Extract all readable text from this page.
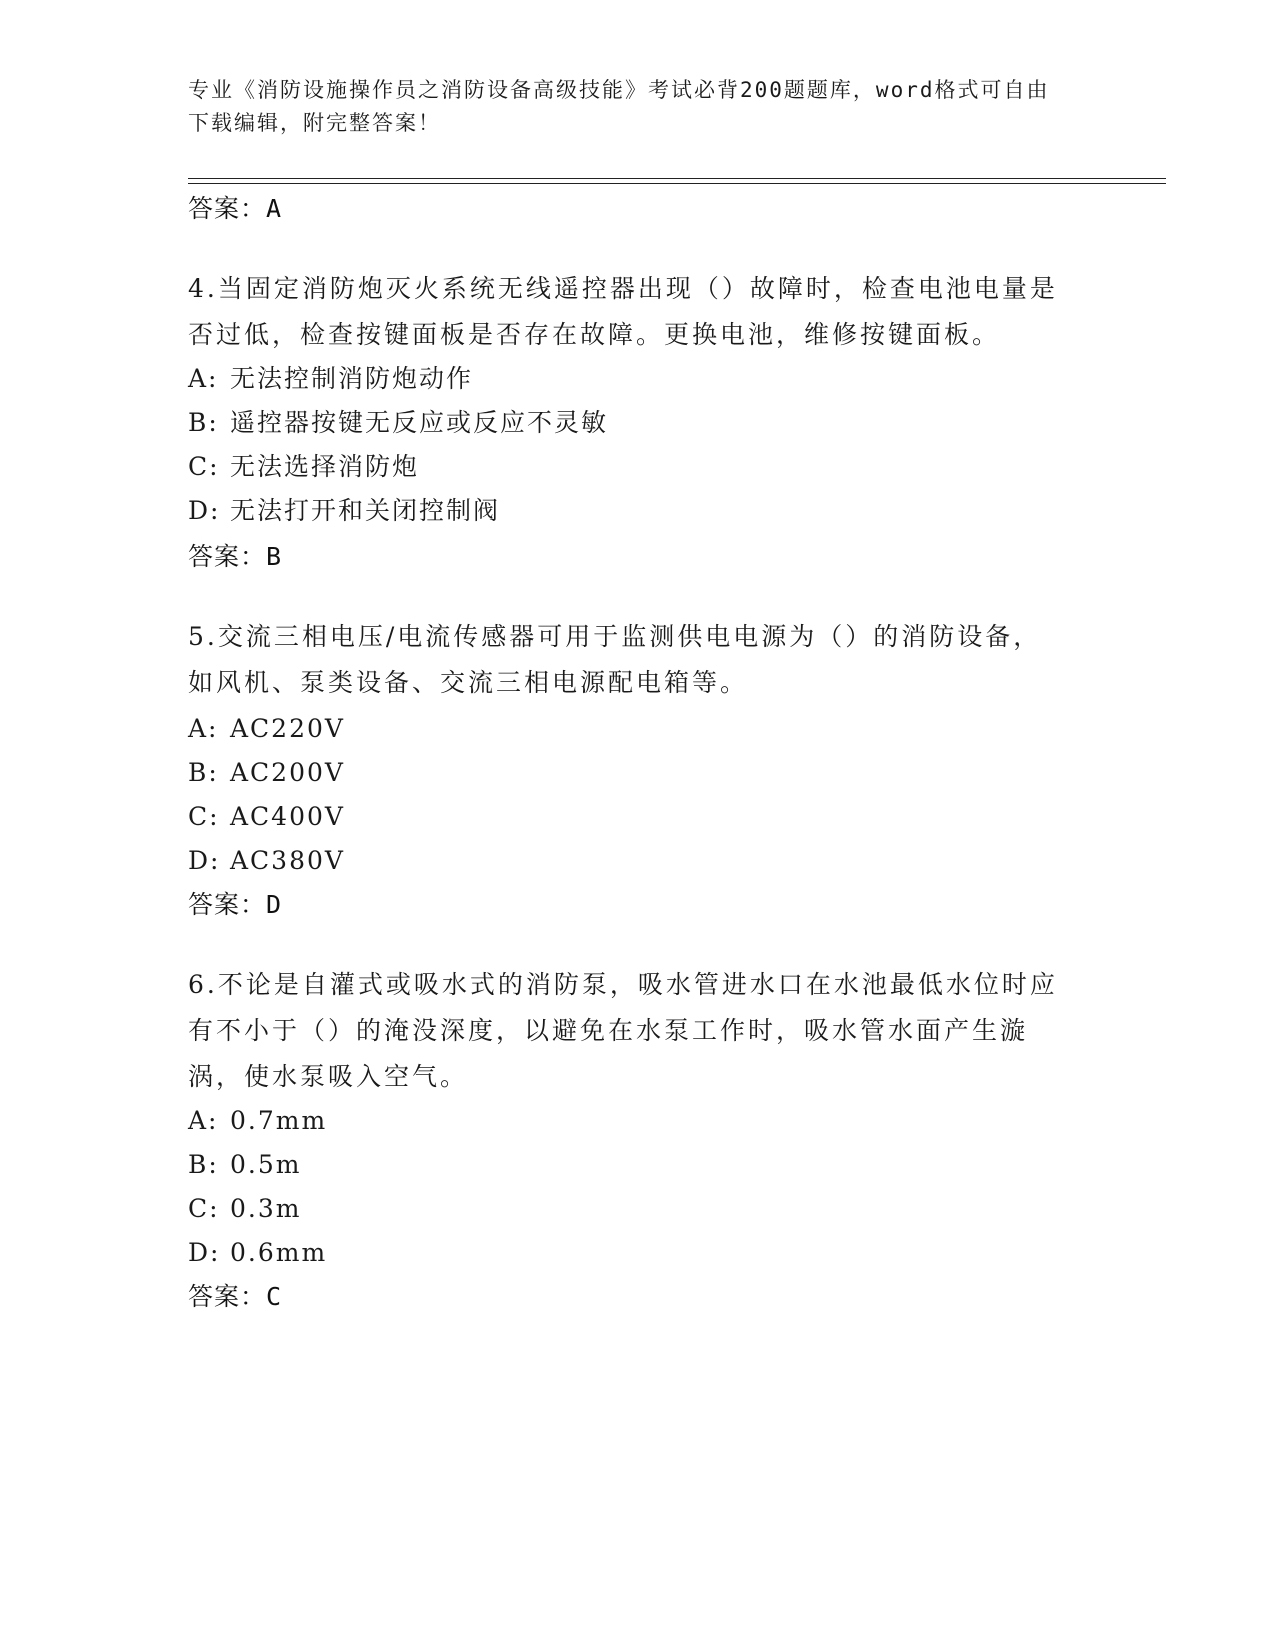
专业《消防设施操作员之消防设备高级技能》考试必背200题题库，word格式可自由下载编辑，附完整答案！
答案：A
4.当固定消防炮灭火系统无线遥控器出现（）故障时，检查电池电量是否过低，检查按键面板是否存在故障。更换电池，维修按键面板。
A: 无法控制消防炮动作
B: 遥控器按键无反应或反应不灵敏
C: 无法选择消防炮
D: 无法打开和关闭控制阀
答案：B
5.交流三相电压/电流传感器可用于监测供电电源为（）的消防设备，如风机、泵类设备、交流三相电源配电箱等。
A: AC220V
B: AC200V
C: AC400V
D: AC380V
答案：D
6.不论是自灌式或吸水式的消防泵，吸水管进水口在水池最低水位时应有不小于（）的淹没深度，以避免在水泵工作时，吸水管水面产生漩涡，使水泵吸入空气。
A: 0.7mm
B: 0.5m
C: 0.3m
D: 0.6mm
答案：C
